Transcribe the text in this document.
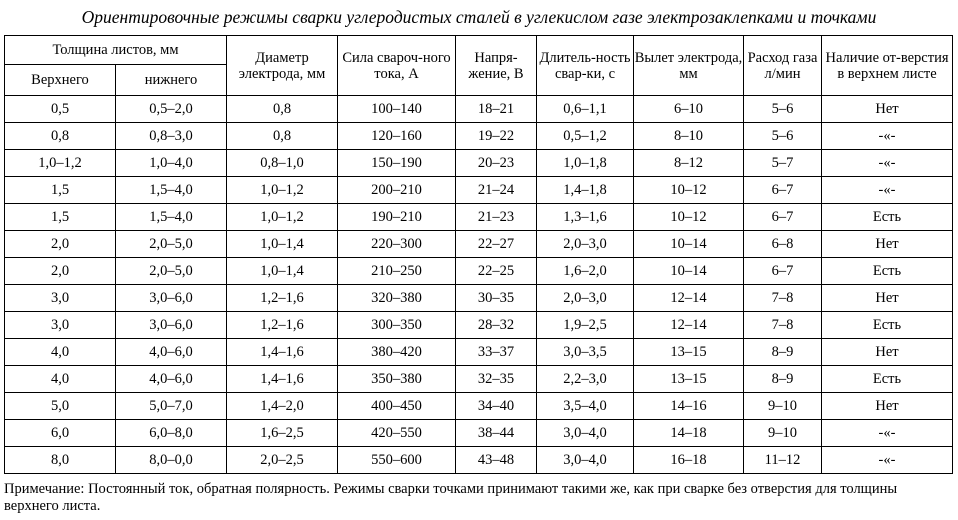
Ориентировочные режимы сварки углеродистых сталей в углекислом газе электрозаклепками и точками
Толщина листов, мм		Диаметр электрода, мм	Сила свароч-ного тока, А	Напря-жение, В	Длитель-ность свар-ки, с	Вылет электрода, мм	Расход газа л/мин	Наличие от-верстия в верхнем листе
Верхнего	нижнего							
0,5	0,5–2,0	0,8	100–140	18–21	0,6–1,1	6–10	5–6	Нет
0,8	0,8–3,0	0,8	120–160	19–22	0,5–1,2	8–10	5–6	-«-
1,0–1,2	1,0–4,0	0,8–1,0	150–190	20–23	1,0–1,8	8–12	5–7	-«-
1,5	1,5–4,0	1,0–1,2	200–210	21–24	1,4–1,8	10–12	6–7	-«-
1,5	1,5–4,0	1,0–1,2	190–210	21–23	1,3–1,6	10–12	6–7	Есть
2,0	2,0–5,0	1,0–1,4	220–300	22–27	2,0–3,0	10–14	6–8	Нет
2,0	2,0–5,0	1,0–1,4	210–250	22–25	1,6–2,0	10–14	6–7	Есть
3,0	3,0–6,0	1,2–1,6	320–380	30–35	2,0–3,0	12–14	7–8	Нет
3,0	3,0–6,0	1,2–1,6	300–350	28–32	1,9–2,5	12–14	7–8	Есть
4,0	4,0–6,0	1,4–1,6	380–420	33–37	3,0–3,5	13–15	8–9	Нет
4,0	4,0–6,0	1,4–1,6	350–380	32–35	2,2–3,0	13–15	8–9	Есть
5,0	5,0–7,0	1,4–2,0	400–450	34–40	3,5–4,0	14–16	9–10	Нет
6,0	6,0–8,0	1,6–2,5	420–550	38–44	3,0–4,0	14–18	9–10	-«-
8,0	8,0–0,0	2,0–2,5	550–600	43–48	3,0–4,0	16–18	11–12	-«-
Примечание: Постоянный ток, обратная полярность. Режимы сварки точками принимают такими же, как при сварке без отверстия для толщины верхнего листа.
